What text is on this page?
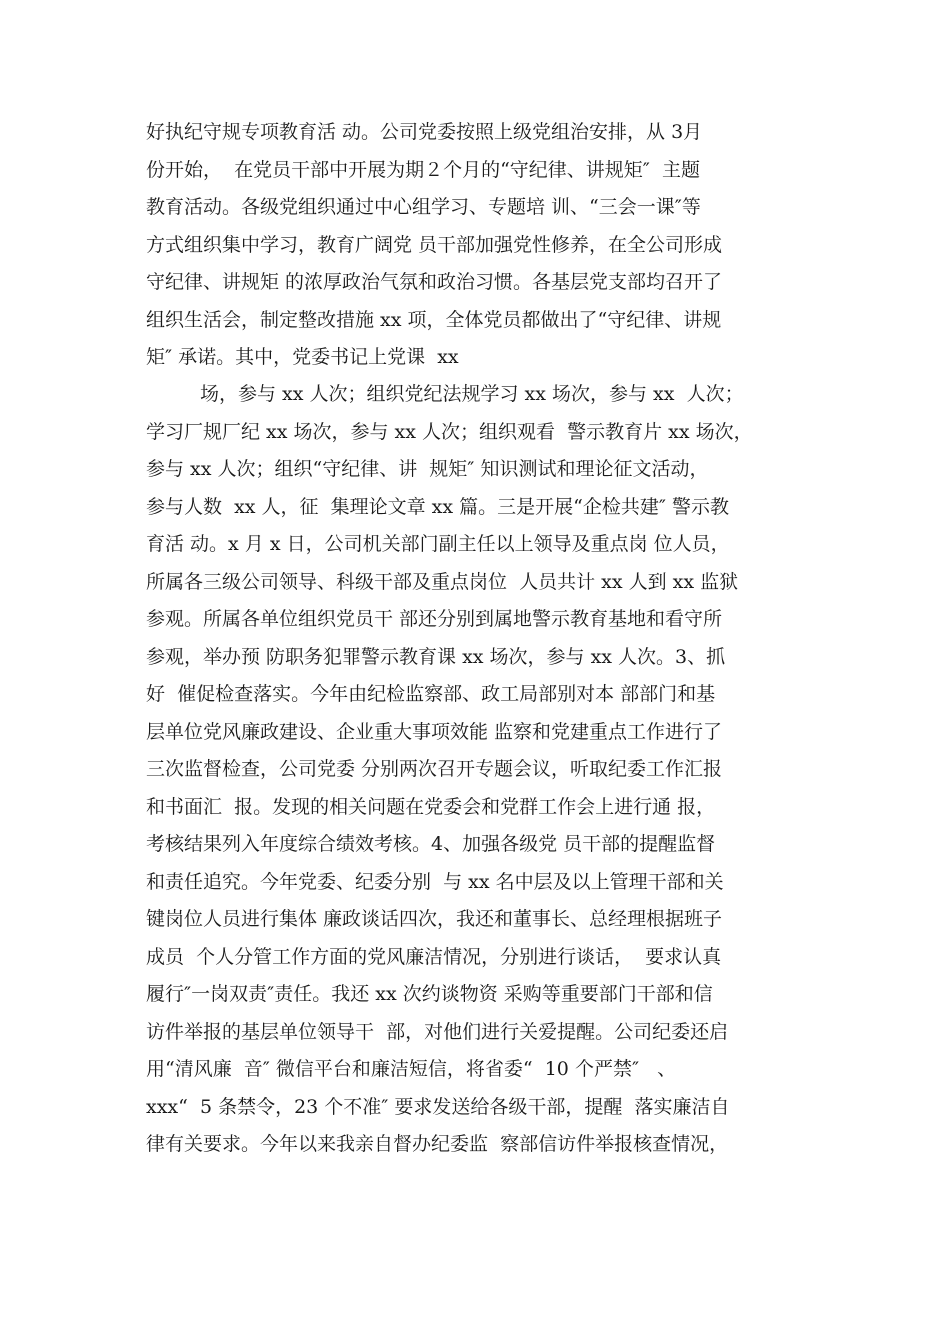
好执纪守规专项教育活 动。公司党委按照上级党组治安排，从 3月
份开始，  在党员干部中开展为期２个月的“守纪律、讲规矩″  主题
教育活动。各级党组织通过中心组学习、专题培 训、“三会一课″等
方式组织集中学习，教育广阔党 员干部加强党性修养，在全公司形成
守纪律、讲规矩 的浓厚政治气氛和政治习惯。各基层党支部均召开了
组织生活会，制定整改措施 xx 项，全体党员都做出了“守纪律、讲规
矩″ 承诺。其中，党委书记上党课  xx
场，参与 xx 人次；组织党纪法规学习 xx 场次，参与 xx  人次；
学习厂规厂纪 xx 场次，参与 xx 人次；组织观看  警示教育片 xx 场次，
参与 xx 人次；组织“守纪律、讲  规矩″ 知识测试和理论征文活动，
参与人数  xx 人，征  集理论文章 xx 篇。三是开展“企检共建″ 警示教
育活 动。x 月 x 日，公司机关部门副主任以上领导及重点岗 位人员，
所属各三级公司领导、科级干部及重点岗位  人员共计 xx 人到 xx 监狱
参观。所属各单位组织党员干 部还分别到属地警示教育基地和看守所
参观，举办预 防职务犯罪警示教育课 xx 场次，参与 xx 人次。3、抓
好  催促检查落实。今年由纪检监察部、政工局部别对本 部部门和基
层单位党风廉政建设、企业重大事项效能 监察和党建重点工作进行了
三次监督检查，公司党委 分别两次召开专题会议，听取纪委工作汇报
和书面汇  报。发现的相关问题在党委会和党群工作会上进行通 报，
考核结果列入年度综合绩效考核。4、加强各级党 员干部的提醒监督
和责任追究。今年党委、纪委分别  与 xx 名中层及以上管理干部和关
键岗位人员进行集体 廉政谈话四次，我还和董事长、总经理根据班子
成员  个人分管工作方面的党风廉洁情况，分别进行谈话，  要求认真
履行″一岗双责″责任。我还 xx 次约谈物资 采购等重要部门干部和信
访件举报的基层单位领导干  部，对他们进行关爱提醒。公司纪委还启
用“清风廉  音″ 微信平台和廉洁短信，将省委“  10 个严禁″   、
xxx“  5 条禁令，23 个不准″ 要求发送给各级干部，提醒  落实廉洁自
律有关要求。今年以来我亲自督办纪委监  察部信访件举报核查情况，
